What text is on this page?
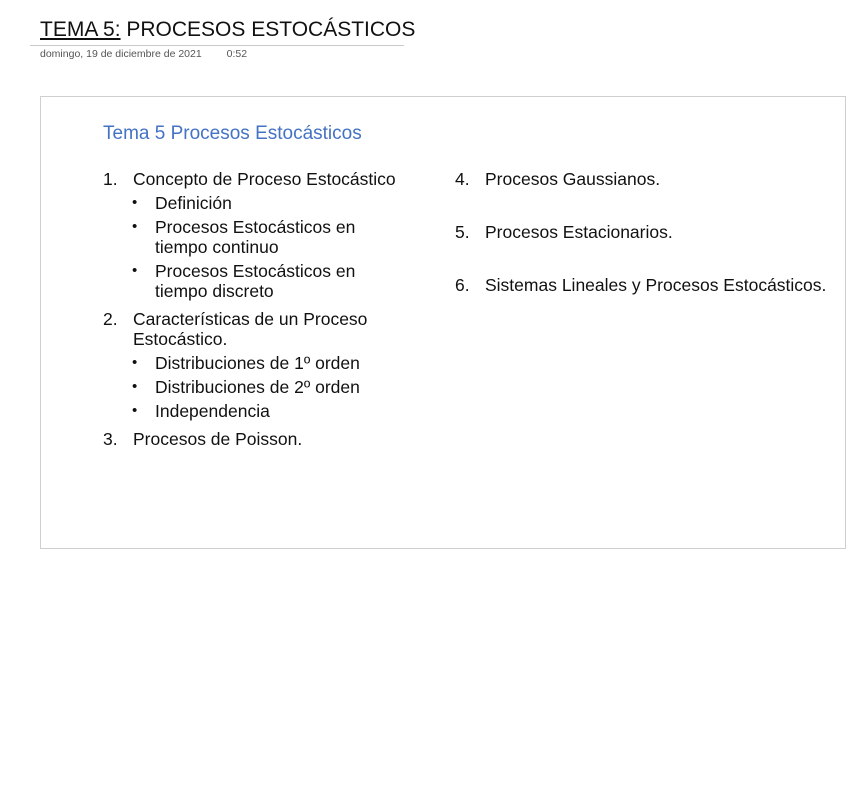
TEMA 5: PROCESOS ESTOCÁSTICOS
domingo, 19 de diciembre de 2021 0:52
Tema 5 Procesos Estocásticos
1. Concepto de Proceso Estocástico
• Definición
• Procesos Estocásticos en tiempo continuo
• Procesos Estocásticos en tiempo discreto
2. Características de un Proceso Estocástico.
• Distribuciones de 1º orden
• Distribuciones de 2º orden
• Independencia
3. Procesos de Poisson.
4. Procesos Gaussianos.
5. Procesos Estacionarios.
6. Sistemas Lineales y Procesos Estocásticos.
